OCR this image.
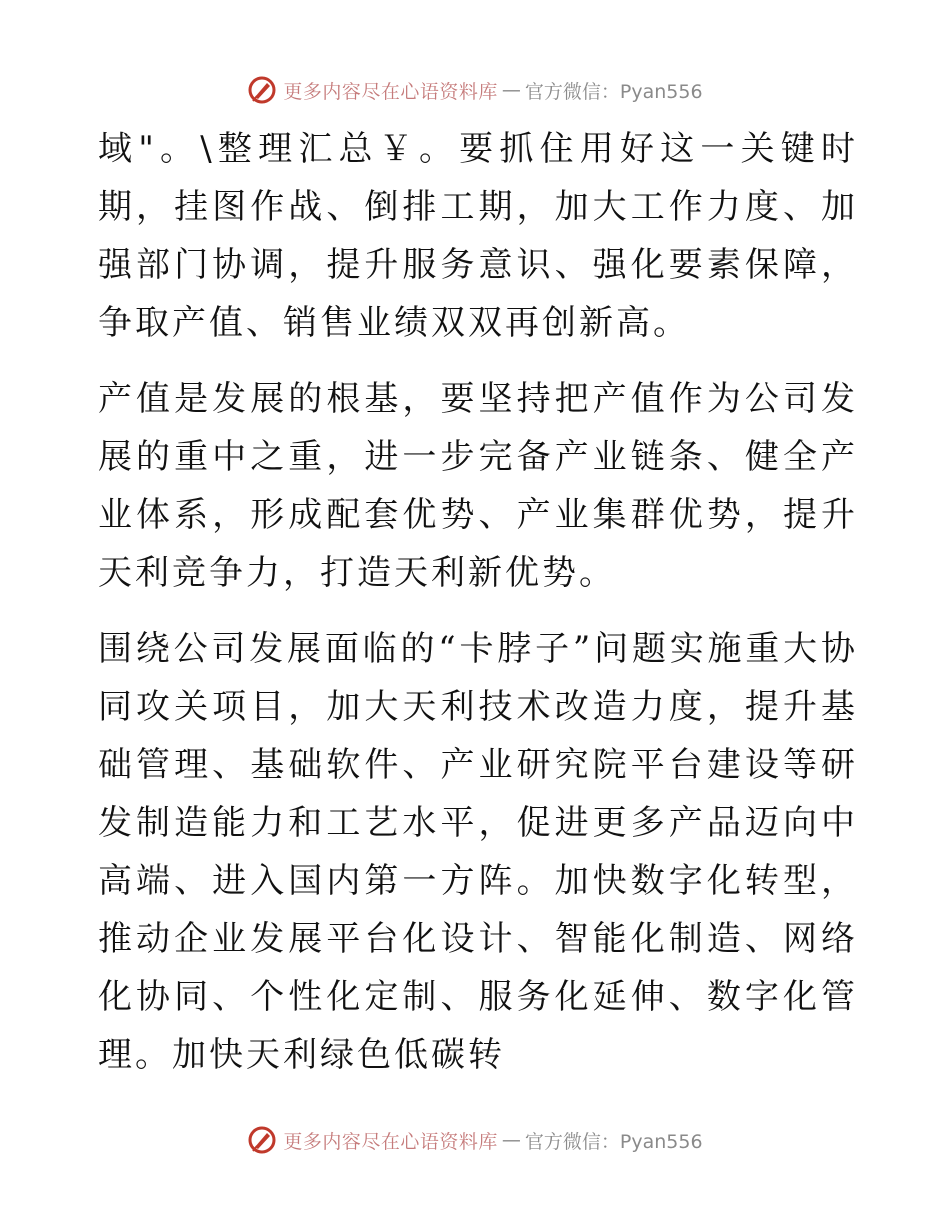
更多内容尽在心语资料库 — 官方微信：Pyan556

域"。\整理汇总￥。要抓住用好这一关键时期，挂图作战、倒排工期，加大工作力度、加强部门协调，提升服务意识、强化要素保障，争取产值、销售业绩双双再创新高。

产值是发展的根基，要坚持把产值作为公司发展的重中之重，进一步完备产业链条、健全产业体系，形成配套优势、产业集群优势，提升天利竞争力，打造天利新优势。

围绕公司发展面临的“卡脖子”问题实施重大协同攻关项目，加大天利技术改造力度，提升基础管理、基础软件、产业研究院平台建设等研发制造能力和工艺水平，促进更多产品迈向中高端、进入国内第一方阵。加快数字化转型，推动企业发展平台化设计、智能化制造、网络化协同、个性化定制、服务化延伸、数字化管理。加快天利绿色低碳转

更多内容尽在心语资料库 — 官方微信：Pyan556
